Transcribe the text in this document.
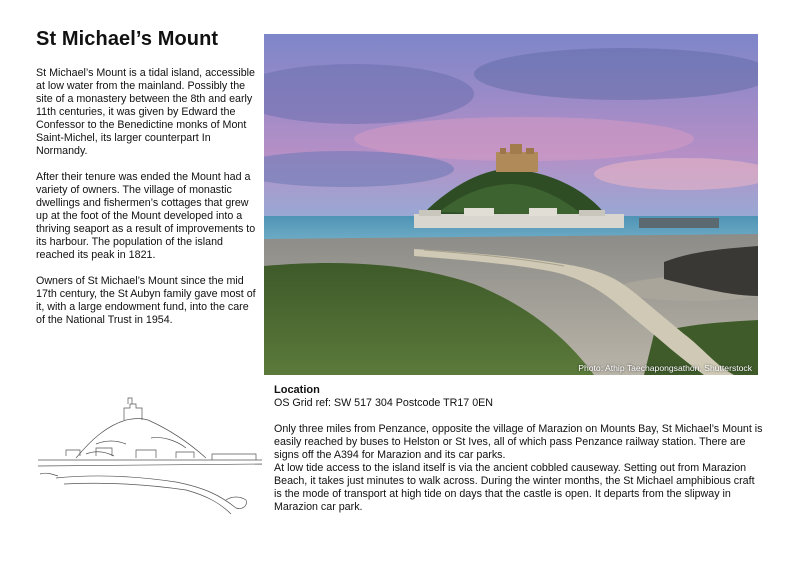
St Michael’s Mount

St Michael’s Mount is a tidal island, accessible at low water from the mainland. Possibly the site of a monastery between the 8th and early 11th centuries, it was given by Edward the Confessor to the Benedictine monks of Mont Saint-Michel, its larger counterpart In Normandy.

After their tenure was ended the Mount had a variety of owners. The village of monastic dwellings and fishermen’s cottages that grew up at the foot of the Mount developed into a thriving seaport as a result of improvements to its harbour. The population of the island reached its peak in 1821.

Owners of St Michael’s Mount since the mid 17th century, the St Aubyn family gave most of it, with a large endowment fund, into the care of the National Trust in 1954.

Photo: Athip Taechapongsathon, Shutterstock

Location

OS Grid ref: SW 517 304 Postcode TR17 0EN

Only three miles from Penzance, opposite the village of Marazion on Mounts Bay, St Michael’s Mount is easily reached by buses to Helston or St Ives, all of which pass Penzance railway station. There are signs off the A394 for Marazion and its car parks.

At low tide access to the island itself is via the ancient cobbled causeway. Setting out from Marazion Beach, it takes just minutes to walk across. During the winter months, the St Michael amphibious craft is the mode of transport at high tide on days that the castle is open. It departs from the slipway in Marazion car park.
